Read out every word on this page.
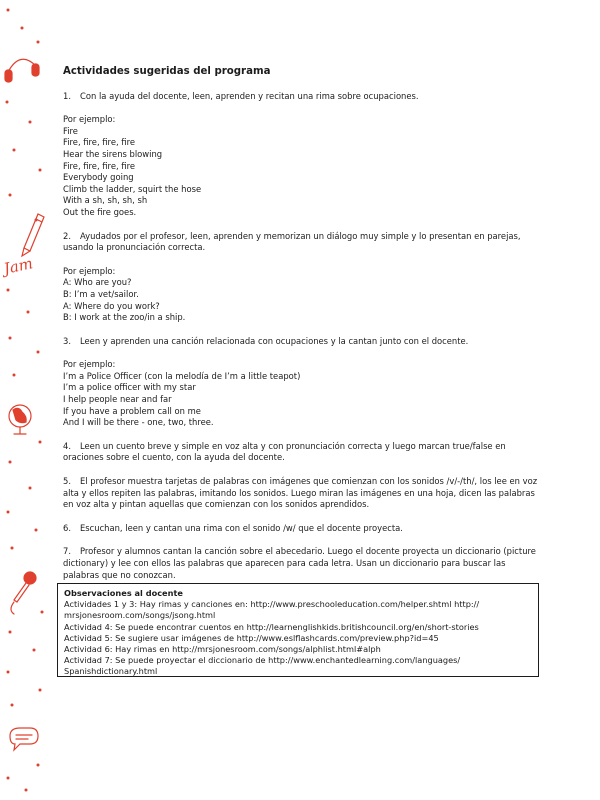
Jam

Actividades sugeridas del programa

1. Con la ayuda del docente, leen, aprenden y recitan una rima sobre ocupaciones.

Por ejemplo:

Fire

Fire, fire, fire, fire

Hear the sirens blowing

Fire, fire, fire, fire

Everybody going

Climb the ladder, squirt the hose

With a sh, sh, sh, sh

Out the fire goes.

2. Ayudados por el profesor, leen, aprenden y memorizan un diálogo muy simple y lo presentan en parejas, usando la pronunciación correcta.

Por ejemplo:

A: Who are you?

B: I’m a vet/sailor.

A: Where do you work?

B: I work at the zoo/in a ship.

3. Leen y aprenden una canción relacionada con ocupaciones y la cantan junto con el docente.

Por ejemplo:

I’m a Police Officer (con la melodía de I’m a little teapot)

I’m a police officer with my star

I help people near and far

If you have a problem call on me

And I will be there - one, two, three.

4. Leen un cuento breve y simple en voz alta y con pronunciación correcta y luego marcan true/false en oraciones sobre el cuento, con la ayuda del docente.

5. El profesor muestra tarjetas de palabras con imágenes que comienzan con los sonidos /v/-/th/, los lee en voz alta y ellos repiten las palabras, imitando los sonidos. Luego miran las imágenes en una hoja, dicen las palabras en voz alta y pintan aquellas que comienzan con los sonidos aprendidos.

6. Escuchan, leen y cantan una rima con el sonido /w/ que el docente proyecta.

7. Profesor y alumnos cantan la canción sobre el abecedario. Luego el docente proyecta un diccionario (picture dictionary) y lee con ellos las palabras que aparecen para cada letra. Usan un diccionario para buscar las palabras que no conozcan.

Observaciones al docente

Actividades 1 y 3: Hay rimas y canciones en: http://www.preschooleducation.com/helper.shtml http://

mrsjonesroom.com/songs/jsong.html

Actividad 4: Se puede encontrar cuentos en http://learnenglishkids.britishcouncil.org/en/short-stories

Actividad 5: Se sugiere usar imágenes de http://www.eslflashcards.com/preview.php?id=45

Actividad 6: Hay rimas en http://mrsjonesroom.com/songs/alphlist.html#alph

Actividad 7: Se puede proyectar el diccionario de http://www.enchantedlearning.com/languages/

Spanishdictionary.html
